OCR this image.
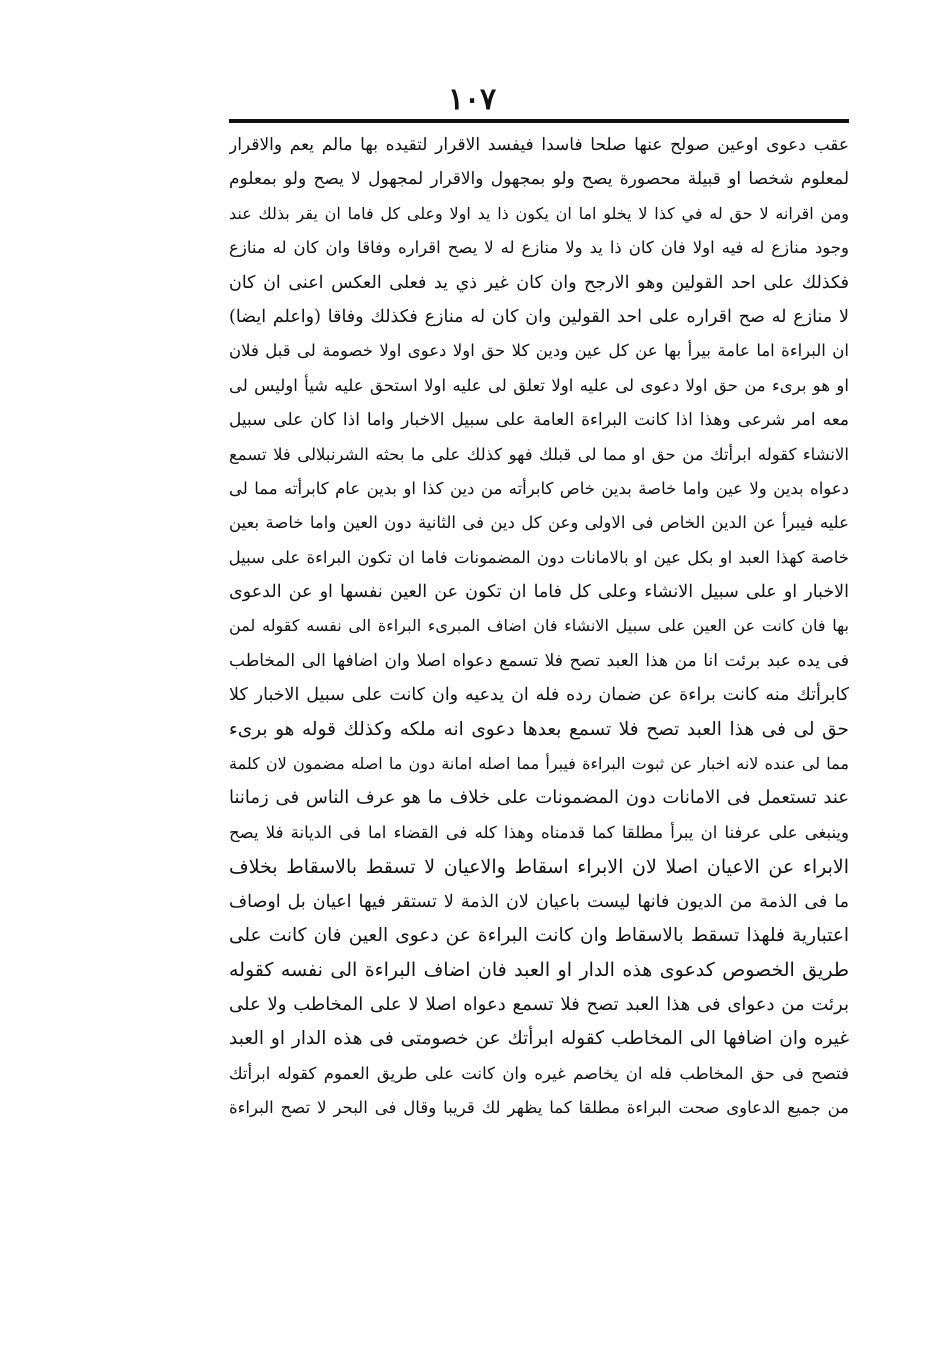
١٠٧
عقب دعوى اوعين صولح عنها صلحا فاسدا فيفسد الاقرار لتقيده بها مالم يعم والاقرار
لمعلوم شخصا او قبيلة محصورة يصح ولو بمجهول والاقرار لمجهول لا يصح ولو بمعلوم
ومن اقرانه لا حق له في كذا لا يخلو اما ان يكون ذا يد اولا وعلى كل فاما ان يقر بذلك عند
وجود منازع له فيه اولا فان كان ذا يد ولا منازع له لا يصح اقراره وفاقا وان كان له منازع
فكذلك على احد القولين وهو الارجح وان كان غير ذي يد فعلى العكس اعنى ان كان
لا منازع له صح اقراره على احد القولين وان كان له منازع فكذلك وفاقا (واعلم ايضا)
ان البراءة اما عامة بيرأ بها عن كل عين ودين كلا حق اولا دعوى اولا خصومة لى قبل فلان
او هو برىء من حق اولا دعوى لى عليه اولا تعلق لى عليه اولا استحق عليه شيأ اوليس لى
معه امر شرعى وهذا اذا كانت البراءة العامة على سبيل الاخبار واما اذا كان على سبيل
الانشاء كقوله ابرأتك من حق او مما لى قبلك فهو كذلك على ما بحثه الشرنبلالى فلا تسمع
دعواه بدين ولا عين واما خاصة بدين خاص كابرأته من دين كذا او بدين عام كابرأته مما لى
عليه فيبرأ عن الدين الخاص فى الاولى وعن كل دين فى الثانية دون العين واما خاصة بعين
خاصة كهذا العبد او بكل عين او بالامانات دون المضمونات فاما ان تكون البراءة على سبيل
الاخبار او على سبيل الانشاء وعلى كل فاما ان تكون عن العين نفسها او عن الدعوى
بها فان كانت عن العين على سبيل الانشاء فان اضاف المبرىء البراءة الى نفسه كقوله لمن
فى يده عبد برئت انا من هذا العبد تصح فلا تسمع دعواه اصلا وان اضافها الى المخاطب
كابرأتك منه كانت براءة عن ضمان رده فله ان يدعيه وان كانت على سبيل الاخبار كلا
حق لى فى هذا العبد تصح فلا تسمع بعدها دعوى انه ملكه وكذلك قوله هو برىء
مما لى عنده لانه اخبار عن ثبوت البراءة فيبرأ مما اصله امانة دون ما اصله مضمون لان كلمة
عند تستعمل فى الامانات دون المضمونات على خلاف ما هو عرف الناس فى زماننا
وينبغى على عرفنا ان يبرأ مطلقا كما قدمناه وهذا كله فى القضاء اما فى الديانة فلا يصح
الابراء عن الاعيان اصلا لان الابراء اسقاط والاعيان لا تسقط بالاسقاط بخلاف
ما فى الذمة من الديون فانها ليست باعيان لان الذمة لا تستقر فيها اعيان بل اوصاف
اعتبارية فلهذا تسقط بالاسقاط وان كانت البراءة عن دعوى العين فان كانت على
طريق الخصوص كدعوى هذه الدار او العبد فان اضاف البراءة الى نفسه كقوله
برئت من دعواى فى هذا العبد تصح فلا تسمع دعواه اصلا لا على المخاطب ولا على
غيره وان اضافها الى المخاطب كقوله ابرأتك عن خصومتى فى هذه الدار او العبد
فتصح فى حق المخاطب فله ان يخاصم غيره وان كانت على طريق العموم كقوله ابرأتك
من جميع الدعاوى صحت البراءة مطلقا كما يظهر لك قريبا وقال فى البحر لا تصح البراءة
